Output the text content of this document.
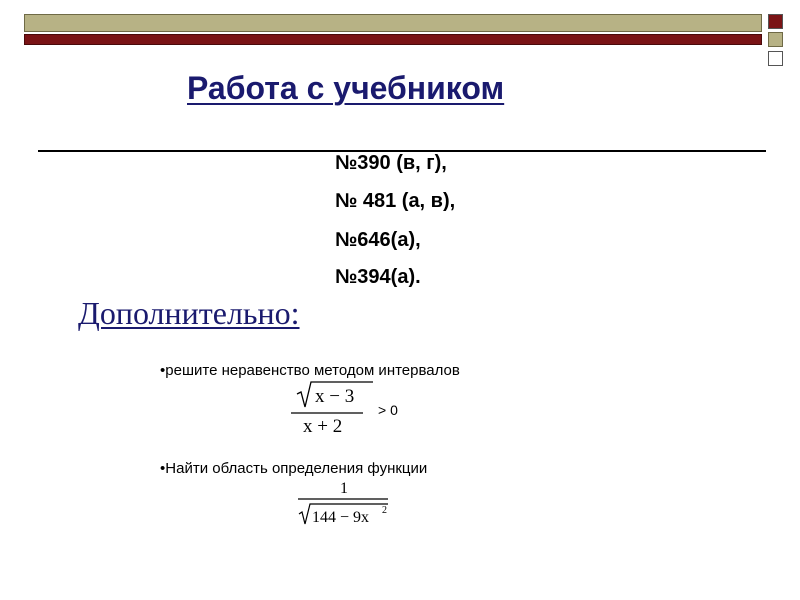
Работа с учебником
№390 (в, г),
№ 481 (а, в),
№646(а),
№394(а).
Дополнительно:
•решите неравенство методом интервалов
x − 3
x + 2
> 0
•Найти область определения функции
1
144 − 9x 2
